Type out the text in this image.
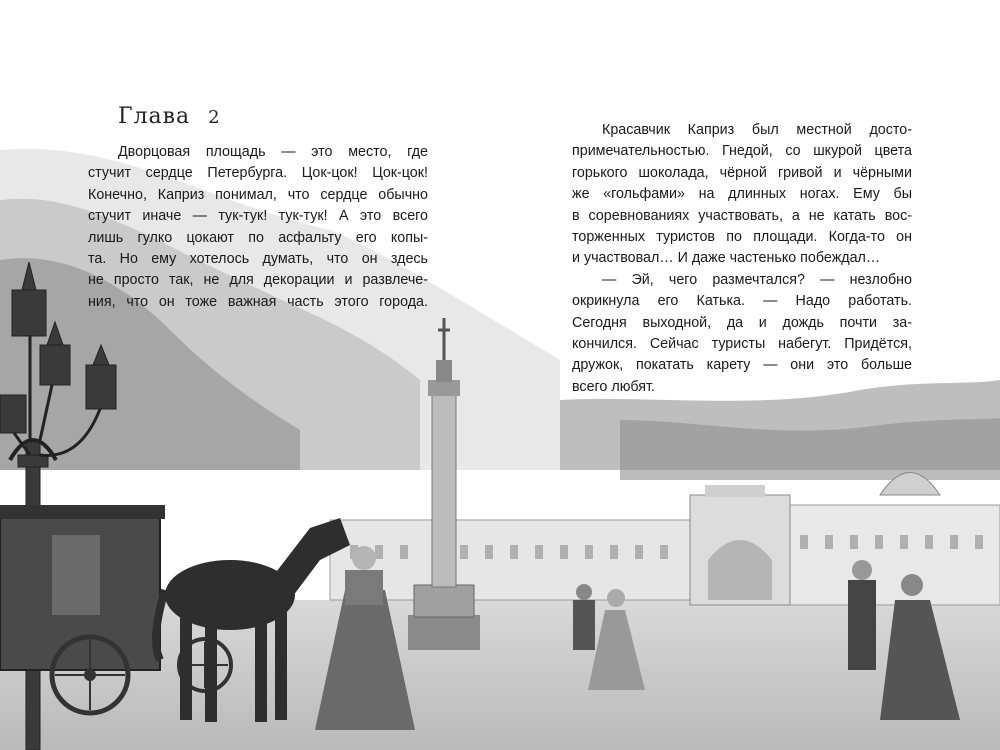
Глава 2
Дворцовая площадь — это место, где
стучит сердце Петербурга. Цок-цок! Цок-цок!
Конечно, Каприз понимал, что сердце обычно
стучит иначе — тук-тук! тук-тук! А это всего
лишь гулко цокают по асфальту его копы-
та. Но ему хотелось думать, что он здесь
не просто так, не для декорации и развлече-
ния, что он тоже важная часть этого города.
Красавчик Каприз был местной досто-
примечательностью. Гнедой, со шкурой цвета
горького шоколада, чёрной гривой и чёрными
же «гольфами» на длинных ногах. Ему бы
в соревнованиях участвовать, а не катать вос-
торженных туристов по площади. Когда-то он
и участвовал… И даже частенько побеждал…
— Эй, чего размечтался? — незлобно
окрикнула его Катька. — Надо работать.
Сегодня выходной, да и дождь почти за-
кончился. Сейчас туристы набегут. Придётся,
дружок, покатать карету — они это больше
всего любят.
